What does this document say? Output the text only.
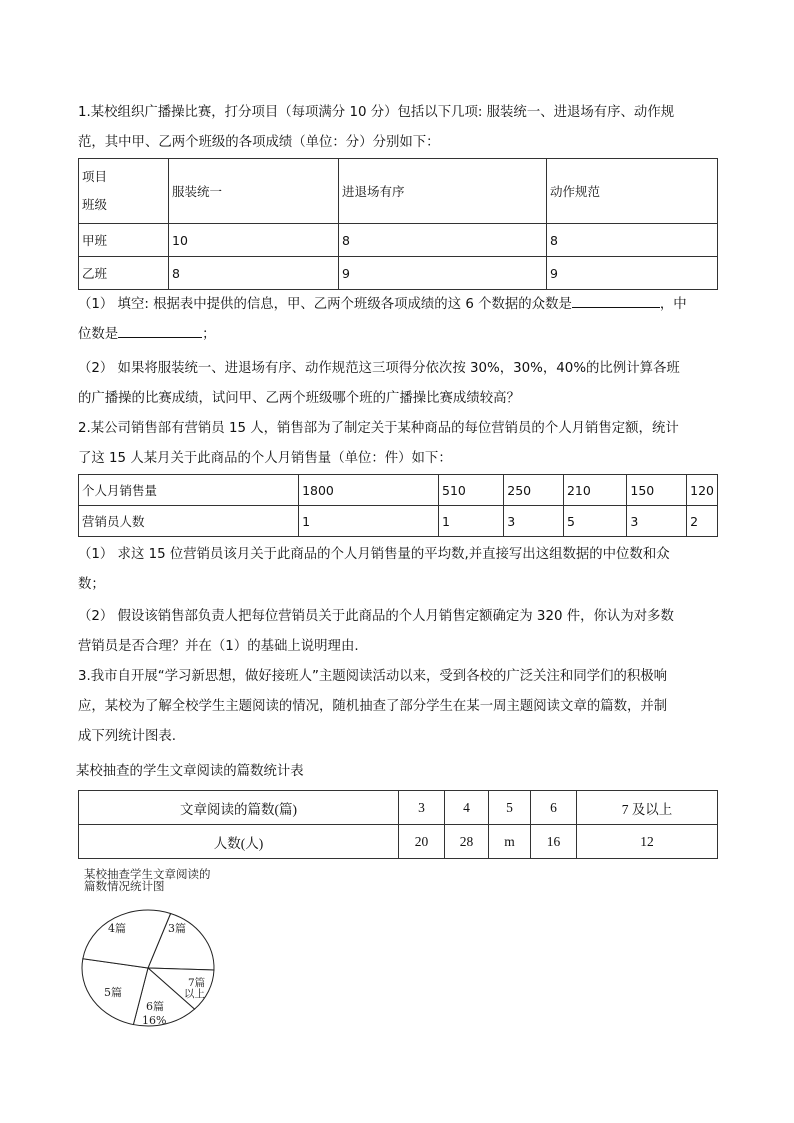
1.某校组织广播操比赛，打分项目（每项满分 10 分）包括以下几项: 服装统一、进退场有序、动作规

范，其中甲、乙两个班级的各项成绩（单位：分）分别如下：

项目
班级	服装统一	进退场有序	动作规范
甲班	10	8	8
乙班	8	9	9

（1） 填空: 根据表中提供的信息，甲、乙两个班级各项成绩的这 6 个数据的众数是	，中

位数是	；

（2） 如果将服装统一、进退场有序、动作规范这三项得分依次按 30%，30%，40%的比例计算各班

的广播操的比赛成绩，试问甲、乙两个班级哪个班的广播操比赛成绩较高？

2.某公司销售部有营销员 15 人，销售部为了制定关于某种商品的每位营销员的个人月销售定额，统计

了这 15 人某月关于此商品的个人月销售量（单位：件）如下：

个人月销售量	1800	510	250	210	150	120
营销员人数	1	1	3	5	3	2

（1） 求这 15 位营销员该月关于此商品的个人月销售量的平均数,并直接写出这组数据的中位数和众

数；

（2） 假设该销售部负责人把每位营销员关于此商品的个人月销售定额确定为 320 件，你认为对多数

营销员是否合理？并在（1）的基础上说明理由.

3.我市自开展“学习新思想，做好接班人”主题阅读活动以来，受到各校的广泛关注和同学们的积极响

应，某校为了解全校学生主题阅读的情况，随机抽查了部分学生在某一周主题阅读文章的篇数，并制

成下列统计图表.

某校抽查的学生文章阅读的篇数统计表

文章阅读的篇数(篇)	3	4	5	6	7 及以上
人数(人)	20	28	m	16	12
某校抽查学生文章阅读的
篇数情况统计图
3篇
7篇
以上
6篇
16%
5篇
4篇
